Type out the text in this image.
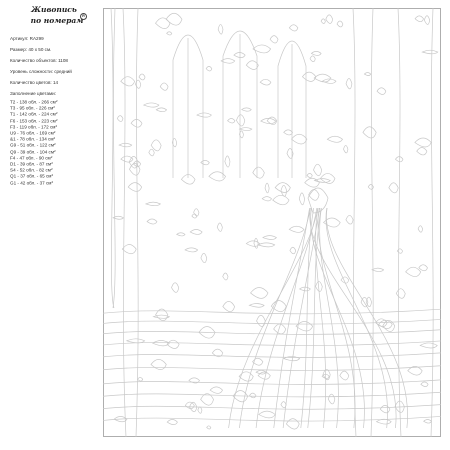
Живопись
по номерам
R
Артикул: RA299
Размер: 40 х 50 см.
Количество объектов: 1108
Уровень сложности: средний
Количество цветов: 14
Заполнение цветами:
T2 - 138 обл. - 266 $см^2$
T3 - 95 обл. - 226 $см^2$
T1 - 142 обл. - 224 $см^2$
F6 - 153 обл. - 223 $см^2$
F3 - 119 обл. - 172 $см^2$
U9 - 76 обл. - 169 $см^2$
&1 - 78 обл. - 134 $см^2$
G9 - 51 обл. - 122 $см^2$
Q9 - 39 обл. - 104 $см^2$
F4 - 47 обл. - 90 $см^2$
D1 - 39 обл. - 87 $см^2$
S4 - 52 обл. - 82 $см^2$
Q1 - 37 обл. - 65 $см^2$
G1 - 42 обл. - 37 $см^2$
